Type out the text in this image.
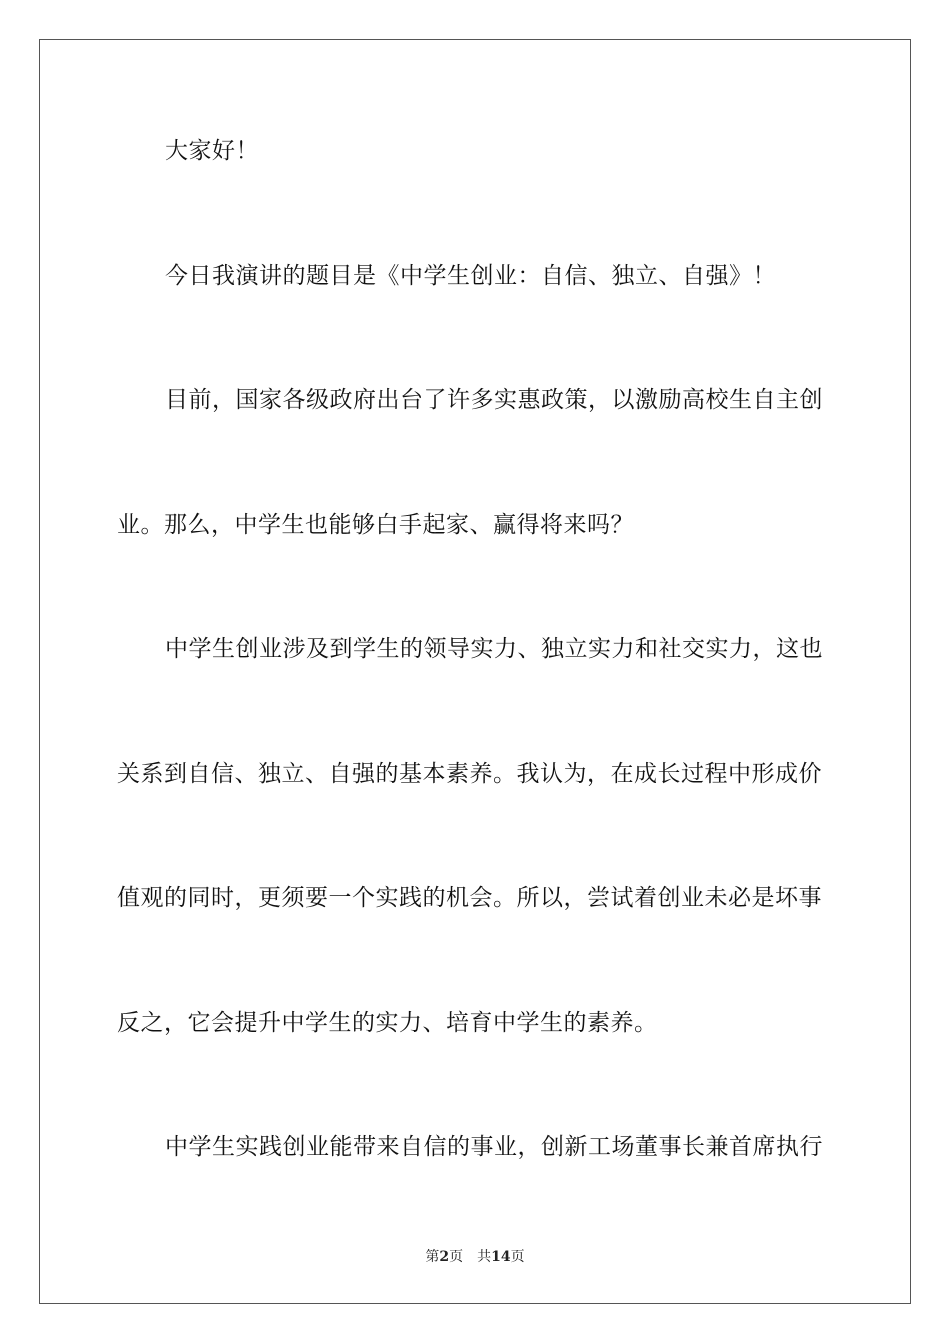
大家好！
今日我演讲的题目是《中学生创业：自信、独立、自强》！
目前，国家各级政府出台了许多实惠政策，以激励高校生自主创
业。那么，中学生也能够白手起家、赢得将来吗？
中学生创业涉及到学生的领导实力、独立实力和社交实力，这也
关系到自信、独立、自强的基本素养。我认为，在成长过程中形成价
值观的同时，更须要一个实践的机会。所以，尝试着创业未必是坏事
反之，它会提升中学生的实力、培育中学生的素养。
中学生实践创业能带来自信的事业，创新工场董事长兼首席执行
第2页 共14页
